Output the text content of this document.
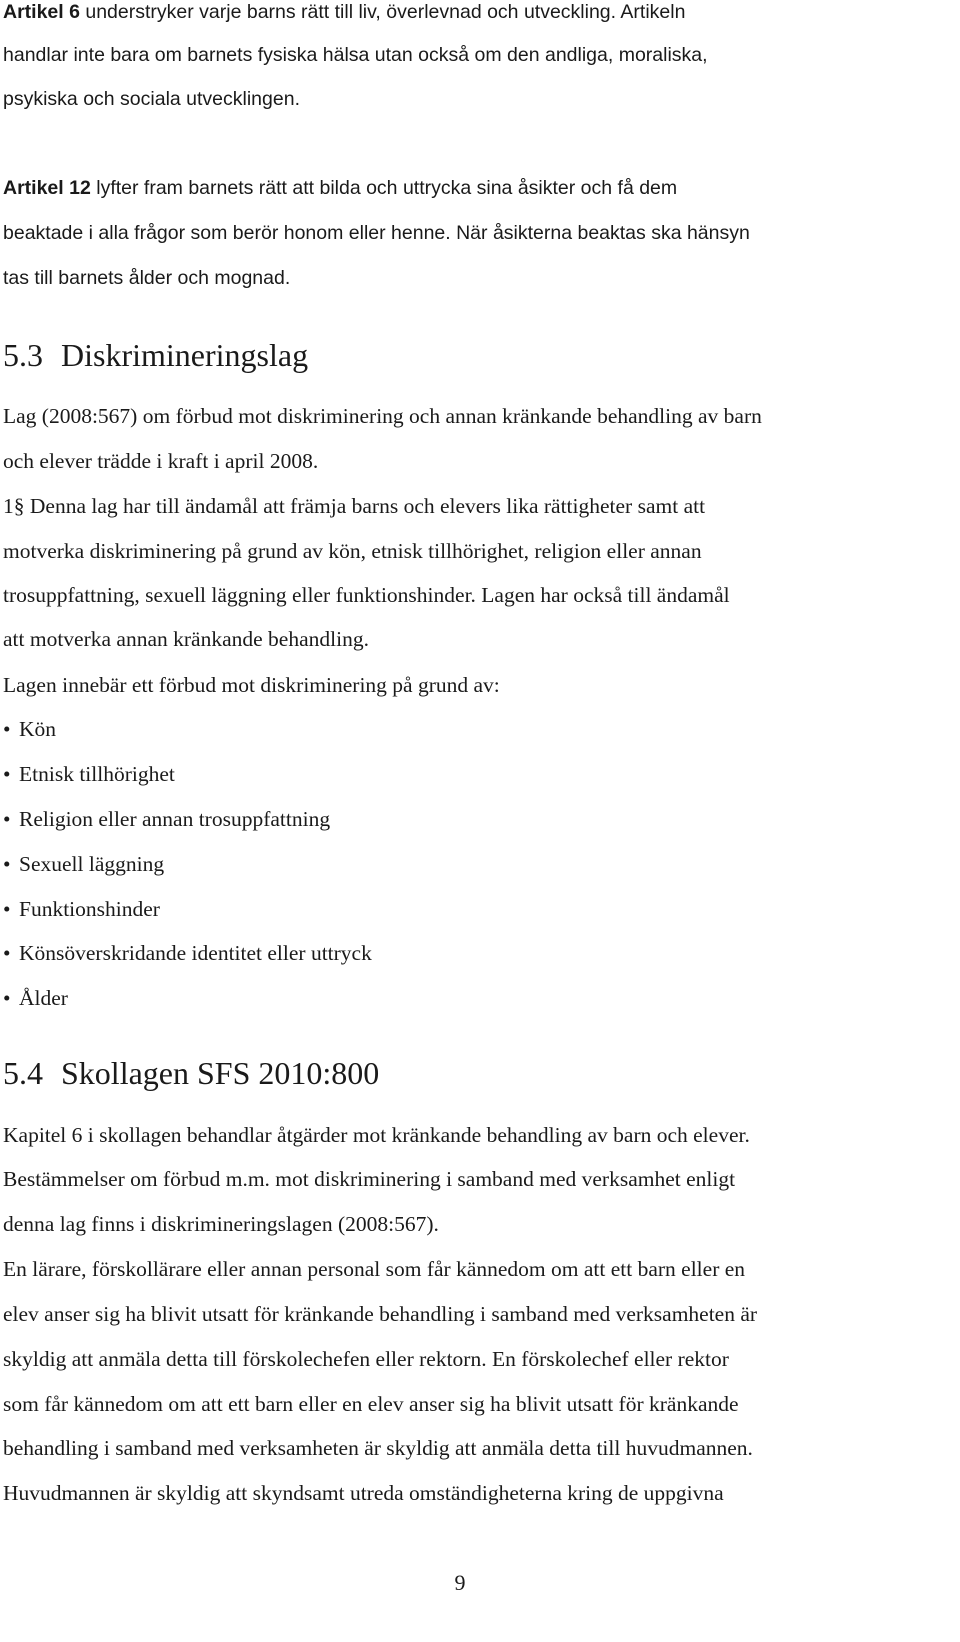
Artikel 6 understryker varje barns rätt till liv, överlevnad och utveckling. Artikeln
handlar inte bara om barnets fysiska hälsa utan också om den andliga, moraliska,
psykiska och sociala utvecklingen.
Artikel 12 lyfter fram barnets rätt att bilda och uttrycka sina åsikter och få dem
beaktade i alla frågor som berör honom eller henne. När åsikterna beaktas ska hänsyn
tas till barnets ålder och mognad.
5.3 Diskrimineringslag
Lag (2008:567) om förbud mot diskriminering och annan kränkande behandling av barn
och elever trädde i kraft i april 2008.
1§ Denna lag har till ändamål att främja barns och elevers lika rättigheter samt att
motverka diskriminering på grund av kön, etnisk tillhörighet, religion eller annan
trosuppfattning, sexuell läggning eller funktionshinder. Lagen har också till ändamål
att motverka annan kränkande behandling.
Lagen innebär ett förbud mot diskriminering på grund av:
• Kön
• Etnisk tillhörighet
• Religion eller annan trosuppfattning
• Sexuell läggning
• Funktionshinder
• Könsöverskridande identitet eller uttryck
• Ålder
5.4 Skollagen SFS 2010:800
Kapitel 6 i skollagen behandlar åtgärder mot kränkande behandling av barn och elever.
Bestämmelser om förbud m.m. mot diskriminering i samband med verksamhet enligt
denna lag finns i diskrimineringslagen (2008:567).
En lärare, förskollärare eller annan personal som får kännedom om att ett barn eller en
elev anser sig ha blivit utsatt för kränkande behandling i samband med verksamheten är
skyldig att anmäla detta till förskolechefen eller rektorn. En förskolechef eller rektor
som får kännedom om att ett barn eller en elev anser sig ha blivit utsatt för kränkande
behandling i samband med verksamheten är skyldig att anmäla detta till huvudmannen.
Huvudmannen är skyldig att skyndsamt utreda omständigheterna kring de uppgivna
9
